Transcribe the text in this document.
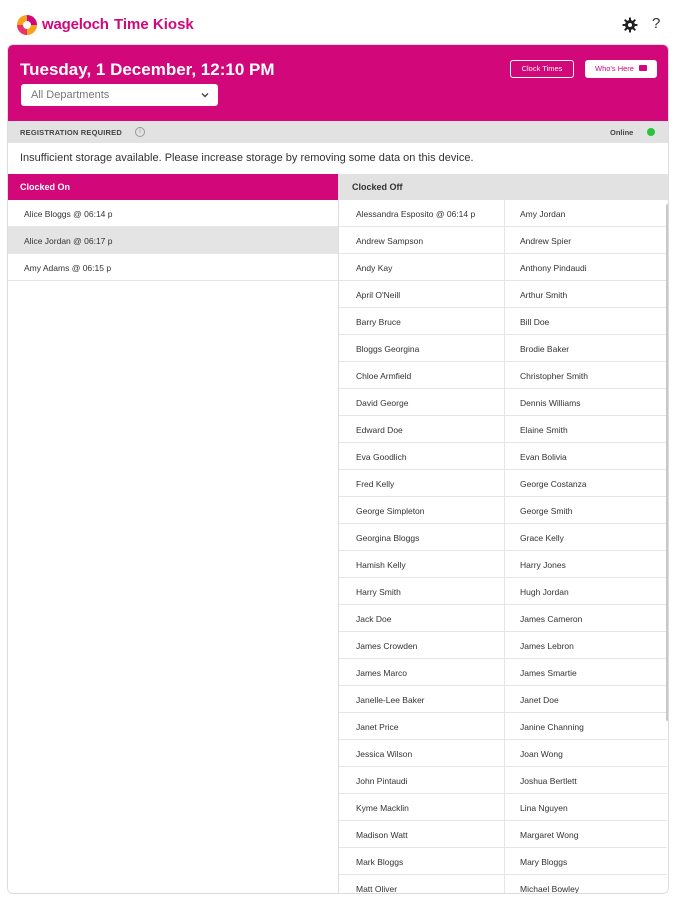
wageloch Time Kiosk	?
Tuesday, 1 December, 12:10 PM
All Departments
Clock Times	Who's Here
REGISTRATION REQUIRED	i	Online
Insufficient storage available. Please increase storage by removing some data on this device.
Clocked On
Alice Bloggs @ 06:14 p
Alice Jordan @ 06:17 p
Amy Adams @ 06:15 p
Clocked Off
Alessandra Esposito @ 06:14 p	Amy Jordan
Andrew Sampson	Andrew Spier
Andy Kay	Anthony Pindaudi
April O'Neill	Arthur Smith
Barry Bruce	Bill Doe
Bloggs Georgina	Brodie Baker
Chloe Armfield	Christopher Smith
David George	Dennis Williams
Edward Doe	Elaine Smith
Eva Goodlich	Evan Bolivia
Fred Kelly	George Costanza
George Simpleton	George Smith
Georgina Bloggs	Grace Kelly
Hamish Kelly	Harry Jones
Harry Smith	Hugh Jordan
Jack Doe	James Cameron
James Crowden	James Lebron
James Marco	James Smartie
Janelle-Lee Baker	Janet Doe
Janet Price	Janine Channing
Jessica Wilson	Joan Wong
John Pintaudi	Joshua Bertlett
Kyme Macklin	Lina Nguyen
Madison Watt	Margaret Wong
Mark Bloggs	Mary Bloggs
Matt Oliver	Michael Bowley
